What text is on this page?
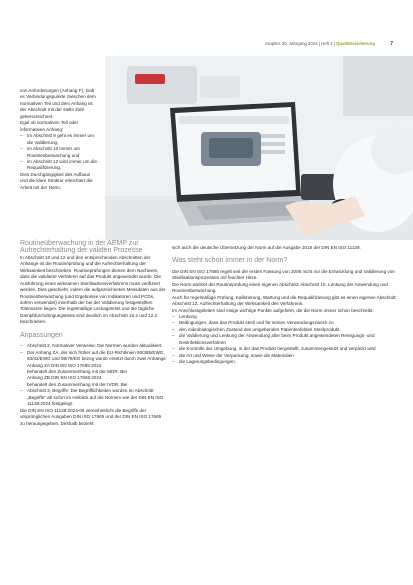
zsaptics 30. Jahrgang 2024 | Heft 3 | Qualitätssicherung	7

von Anforderungen (Anhang F). Gab es Verbindungspunkte zwischen dem normativen Teil und dem Anhang ist der Abschnitt mit der stelle Zahl gekennzeichnet.

Egal ob normativen Teil oder informativen Anhang:

– Im Abschnitt 9 geht es immer um die Validierung,
– im Abschnitt 10 immer um Routineüberwachung und
– im Abschnitt 12 wird immer um die Requalifizierung.

Dies Durchgängigkeit des Aufbaus und die klare Struktur erleichtert die Arbeit mit der Norm.

Routineüberwachung in der AEMP zur Aufrechterhaltung der validen Prozesse

In Abschnitt 10 und 12 und den entsprechenden Abschnitten der Anhänge ist die Routineprüfung und die Aufrechterhaltung der Wirksamkeit beschrieben. Routineprüfungen dienen dem Nachweis, dass die validierte Verfahren auf das Produkt angewendet wurde. Die Ausführung eines wirksamen Sterilisationsverfahrens muss verifiziert werden. Dies geschieht, indem die aufgezeichneten Messdaten aus der Routineüberwachung (und Ergebnisse von Indikatoren und PCDs, sofern verwendet) innerhalb der bei der Validierung festgestellten Toleranzen liegen. Die regelmäßige Leckagetests und die tägliche Dampfdurchdringungstests sind deutlich im Abschnitt 10.2 und 12.2 beschrieben.

Anpassungen
– Abschnitt 2, Normativer Verweise: Die Normen wurden aktualisiert.
– Der Anhang ZA, der sich früher auf die EU-Richtlinien 90/385/EWG, 93/42/EWG und 98/79/EG bezog wurde ersetzt durch zwei Anhänge:
Anhang ZA DIN EN ISO 17665:2024
behandelt den Zusammenhang mit der MDR. Bei
Anhang ZB DIN EN ISO 17665:2024
behandelt den Zusammenhang mit der IVDR. Bei
– Abschnitt 3, Begriffe: Die Begrifflichkeiten wurden im Abschnitt „Begriffe“ ab sofort im Hinblick auf die Normen wie der DIN EN ISO 11139:2024 festgelegt.

Die DIN EN ISO 11139:2024-06 vereinheitlicht die Begriffe der ursprünglichen Ausgaben DIN ISO 17665 und der DIN EN ISO 17665 zu herausgegeben. Deshalb bezieht

sich auch die deutsche Übersetzung der Norm auf die Ausgabe 2018 der DIN EN ISO 11139.

Was steht schon immer in der Norm?

Die DIN EN ISO 17665 regelt seit der ersten Fassung von 2006 nicht nur die Entwicklung und Validierung von Sterilisationsprozessen mit feuchter Hitze.

Die Norm widmet der Routineprüfung einen eigenen Abschnitt: Abschnitt 10, Lenkung der Anwendung und Routineüberwachung.

Auch für regelmäßige Prüfung, Kalibrierung, Wartung und die Requalifizierung gibt es einen eigenen Abschnitt: Abschnitt 12, Aufrechterhaltung der Wirksamkeit des Verfahrens.

Im Anschlussgeleiten sind einige wichtige Punkte aufgeführt, die die Norm immer schon beschreibt:

– Lenkung
– Bedingungen, dass das Produkt steril und für seinen Verwendungszweck zu
– den mikrobiologischen Zustand des umgebenden Patientenfeldes Sterilprodukt.
– die Validierung und Lenkung der Anwendung aller beim Produkt angewendeten Reinigungs- und Desinfektionsverfahren
– die Kontrolle der Umgebung, in der das Produkt hergestellt, zusammengesetzt und verpackt wird
– die Art und Weise der Verpackung, sowie die Materialien
– die Lagerungsbedingungen.
